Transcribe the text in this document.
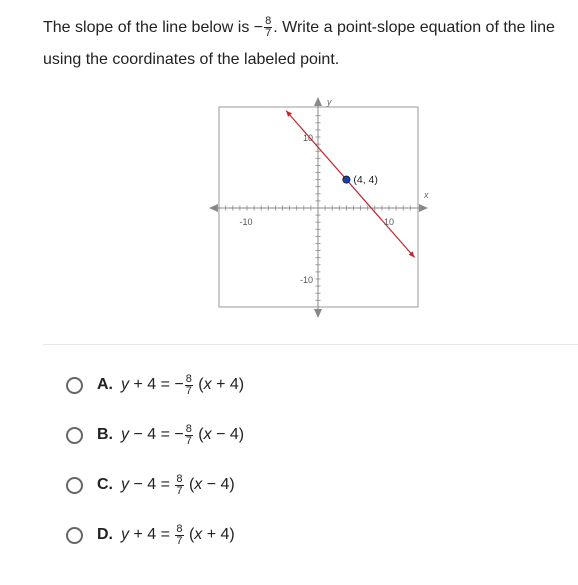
The slope of the line below is − $\frac{8}{7}$ . Write a point-slope equation of the line using the coordinates of the labeled point.
(4, 4)
-10	10
10
-10
x
y
A. y + 4 = − $\frac{8}{7}$ ( x + 4)
B. y − 4 = − $\frac{8}{7}$ ( x − 4)
C. $y - 4 = \frac{8}{7}$ ( x − 4)
D. $y + 4 = \frac{8}{7}$ ( x + 4)
